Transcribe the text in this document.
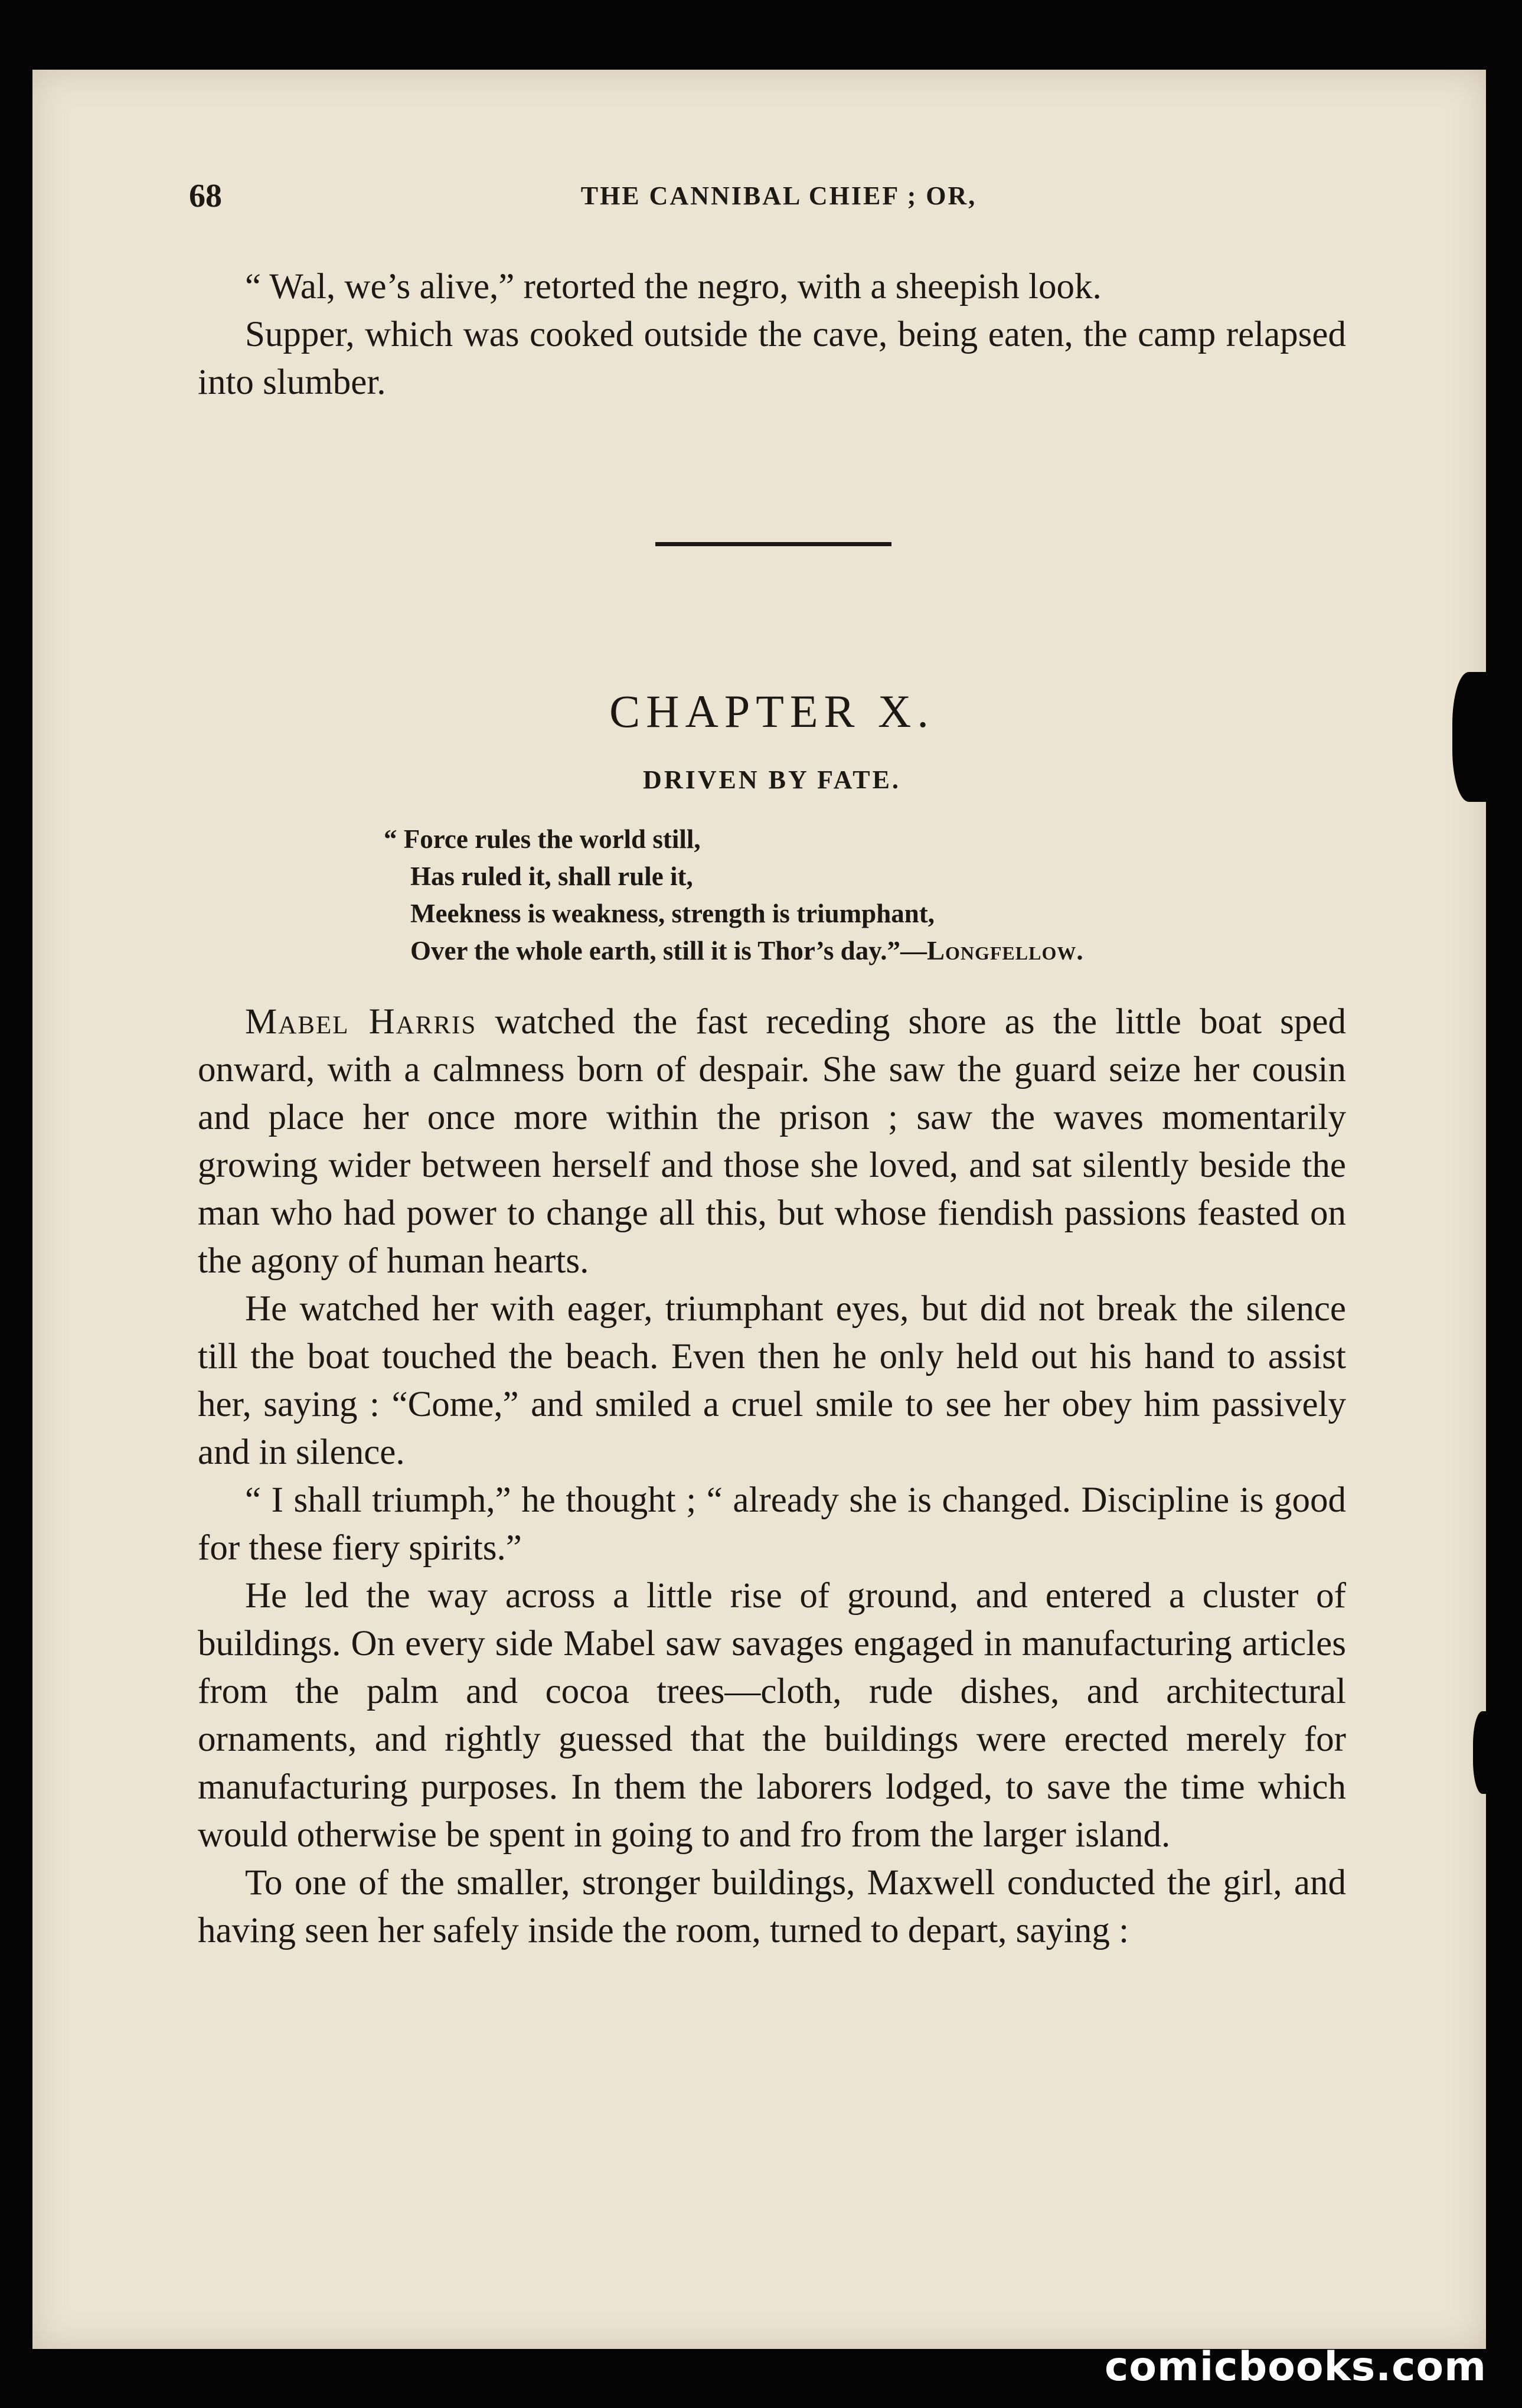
68	THE CANNIBAL CHIEF ; OR,

“ Wal, we’s alive,” retorted the negro, with a sheepish look.

Supper, which was cooked outside the cave, being eaten, the camp relapsed into slumber.

CHAPTER X.
DRIVEN BY FATE.
“ Force rules the world still,
Has ruled it, shall rule it,
Meekness is weakness, strength is triumphant,
Over the whole earth, still it is Thor’s day.”—Longfellow.

Mabel Harris watched the fast receding shore as the little boat sped onward, with a calmness born of despair. She saw the guard seize her cousin and place her once more within the prison ; saw the waves momentarily growing wider between herself and those she loved, and sat silently beside the man who had power to change all this, but whose fiendish passions feasted on the agony of human hearts.

He watched her with eager, triumphant eyes, but did not break the silence till the boat touched the beach. Even then he only held out his hand to assist her, saying : “Come,” and smiled a cruel smile to see her obey him passively and in silence.

“ I shall triumph,” he thought ; “ already she is changed. Discipline is good for these fiery spirits.”

He led the way across a little rise of ground, and entered a cluster of buildings. On every side Mabel saw savages engaged in manufacturing articles from the palm and cocoa trees—cloth, rude dishes, and architectural ornaments, and rightly guessed that the buildings were erected merely for manufacturing purposes. In them the laborers lodged, to save the time which would otherwise be spent in going to and fro from the larger island.

To one of the smaller, stronger buildings, Maxwell conducted the girl, and having seen her safely inside the room, turned to depart, saying :

comicbooks.com
